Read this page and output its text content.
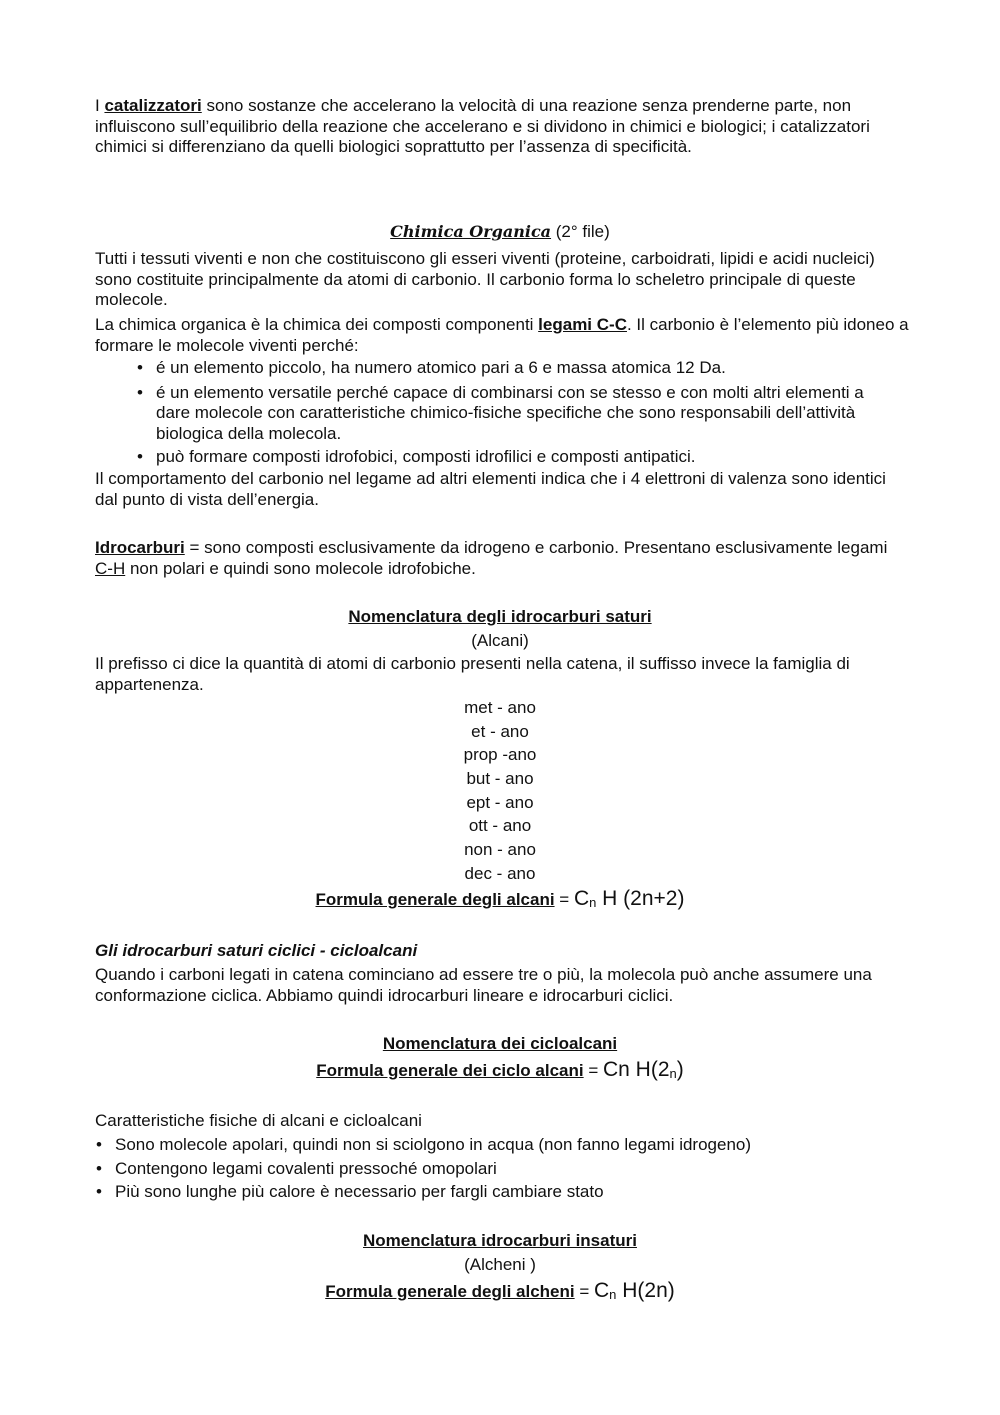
I catalizzatori sono sostanze che accelerano la velocità di una reazione senza prenderne parte, non influiscono sull’equilibrio della reazione che accelerano e si dividono in chimici e biologici; i catalizzatori chimici si differenziano da quelli biologici soprattutto per l’assenza di specificità.

Chimica Organica (2° file)

Tutti i tessuti viventi e non che costituiscono gli esseri viventi (proteine, carboidrati, lipidi e acidi nucleici) sono costituite principalmente da atomi di carbonio. Il carbonio forma lo scheletro principale di queste molecole.

La chimica organica è la chimica dei composti componenti legami C-C. Il carbonio è l’elemento più idoneo a formare le molecole viventi perché:

• é un elemento piccolo, ha numero atomico pari a 6 e massa atomica 12 Da.
• é un elemento versatile perché capace di combinarsi con se stesso e con molti altri elementi a dare molecole con caratteristiche chimico-fisiche specifiche che sono responsabili dell’attività biologica della molecola.
• può formare composti idrofobici, composti idrofilici e composti antipatici.

Il comportamento del carbonio nel legame ad altri elementi indica che i 4 elettroni di valenza sono identici dal punto di vista dell’energia.

Idrocarburi = sono composti esclusivamente da idrogeno e carbonio. Presentano esclusivamente legami C-H non polari e quindi sono molecole idrofobiche.

Nomenclatura degli idrocarburi saturi
(Alcani)

Il prefisso ci dice la quantità di atomi di carbonio presenti nella catena, il suffisso invece la famiglia di appartenenza.

met - ano
et - ano
prop -ano
but - ano
ept - ano
ott - ano
non - ano
dec - ano
Formula generale degli alcani = Cn H (2n+2)
Gli idrocarburi saturi ciclici - cicloalcani

Quando i carboni legati in catena cominciano ad essere tre o più, la molecola può anche assumere una conformazione ciclica. Abbiamo quindi idrocarburi lineare e idrocarburi ciclici.

Nomenclatura dei cicloalcani
Formula generale dei ciclo alcani = Cn H(2n)

Caratteristiche fisiche di alcani e cicloalcani

• Sono molecole apolari, quindi non si sciolgono in acqua (non fanno legami idrogeno)
• Contengono legami covalenti pressoché omopolari
• Più sono lunghe più calore è necessario per fargli cambiare stato
Nomenclatura idrocarburi insaturi
(Alcheni )
Formula generale degli alcheni = Cn H(2n)
